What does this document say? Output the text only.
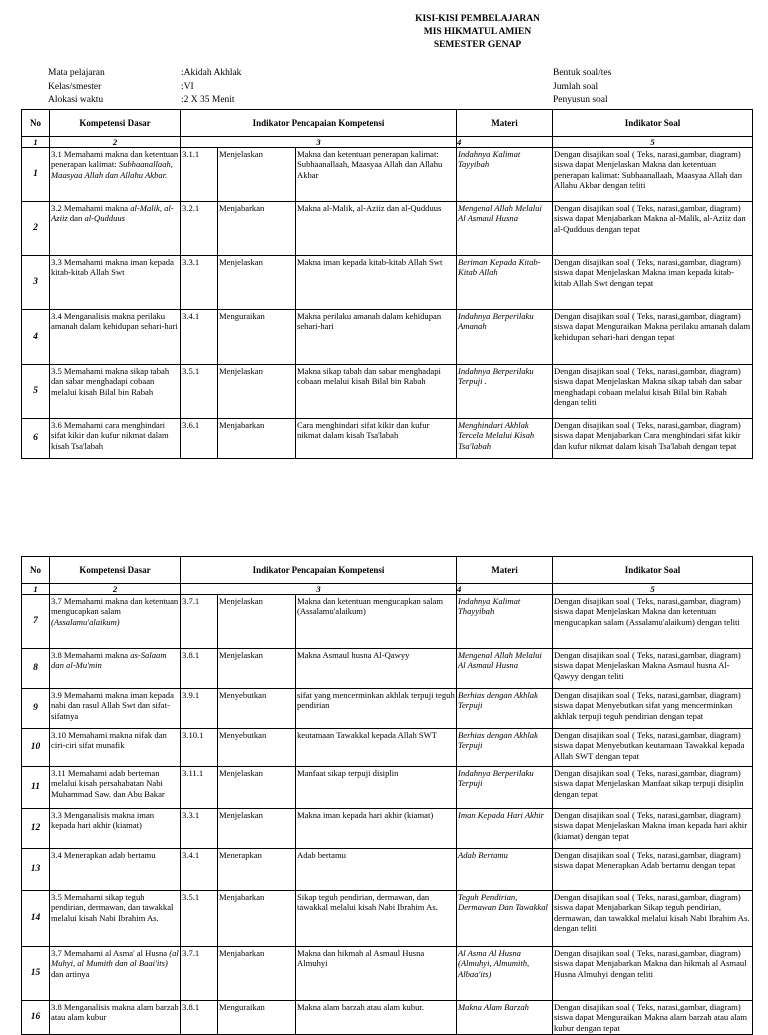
KISI-KISI PEMBELAJARAN
MIS HIKMATUL AMIEN
SEMESTER GENAP
Mata pelajaran
Kelas/smester
Alokasi waktu
:Akidah Akhlak
:VI
:2 X 35 Menit
Bentuk soal/tes
Jumlah soal
Penyusun soal
No	Kompetensi Dasar	Indikator Pencapaian Kompetensi			Materi	Indikator Soal
1	2	3			4	5
1	3.1 Memahami makna dan ketentuan penerapan kalimat: Subhaanallaah, Maasyaa Allah dan Allahu Akbar.	3.1.1	Menjelaskan	Makna dan ketentuan penerapan kalimat: Subhaanallaah, Maasyaa Allah dan Allahu Akbar	Indahnya Kalimat Tayyibah	Dengan disajikan soal ( Teks, narasi,gambar, diagram) siswa dapat Menjelaskan Makna dan ketentuan penerapan kalimat: Subhaanallaah, Maasyaa Allah dan Allahu Akbar dengan teliti
2	3.2 Memahami makna al-Malik, al-Aziiz dan al-Qudduus	3.2.1	Menjabarkan	Makna al-Malik, al-Aziiz dan al-Qudduus	Mengenal Allah Melalui Al Asmaul Husna	Dengan disajikan soal ( Teks, narasi,gambar, diagram) siswa dapat Menjabarkan Makna al-Malik, al-Aziiz dan al-Qudduus dengan tepat
3	3.3 Memahami makna iman kepada kitab-kitab Allah Swt	3.3.1	Menjelaskan	Makna iman kepada kitab-kitab Allah Swt	Beriman Kepada Kitab-Kitab Allah	Dengan disajikan soal ( Teks, narasi,gambar, diagram) siswa dapat Menjelaskan Makna iman kepada kitab-kitab Allah Swt dengan tepat
4	3.4 Menganalisis makna perilaku amanah dalam kehidupan sehari-hari	3.4.1	Menguraikan	Makna perilaku amanah dalam kehidupan sehari-hari	Indahnya Berperilaku Amanah	Dengan disajikan soal ( Teks, narasi,gambar, diagram) siswa dapat Menguraikan Makna perilaku amanah dalam kehidupan sehari-hari dengan tepat
5	3.5 Memahami makna sikap tabah dan sabar menghadapi cobaan melalui kisah Bilal bin Rabah	3.5.1	Menjelaskan	Makna sikap tabah dan sabar menghadapi cobaan melalui kisah Bilal bin Rabah	Indahnya Berperilaku Terpuji .	Dengan disajikan soal ( Teks, narasi,gambar, diagram) siswa dapat Menjelaskan Makna sikap tabah dan sabar menghadapi cobaan melalui kisah Bilal bin Rabah dengan teliti
6	3.6 Memahami cara menghindari sifat kikir dan kufur nikmat dalam kisah Tsa'labah	3.6.1	Menjabarkan	Cara menghindari sifat kikir dan kufur nikmat dalam kisah Tsa'labah	Menghindari Akhlak Tercela Melalui Kisah Tsa'labah	Dengan disajikan soal ( Teks, narasi,gambar, diagram) siswa dapat Menjabarkan Cara menghindari sifat kikir dan kufur nikmat dalam kisah Tsa'labah dengan tepat
No	Kompetensi Dasar	Indikator Pencapaian Kompetensi			Materi	Indikator Soal
1	2	3			4	5
7	3.7 Memahami makna dan ketentuan mengucapkan salam (Assalamu'alaikum)	3.7.1	Menjelaskan	Makna dan ketentuan mengucapkan salam (Assalamu'alaikum)	Indahnya Kalimat Thayyibah	Dengan disajikan soal ( Teks, narasi,gambar, diagram) siswa dapat Menjelaskan Makna dan ketentuan mengucapkan salam (Assalamu'alaikum) dengan teliti
8	3.8 Memahami makna as-Salaam dan al-Mu'min	3.8.1	Menjelaskan	Makna Asmaul husna Al-Qawyy	Mengenal Allah Melalui Al Asmaul Husna	Dengan disajikan soal ( Teks, narasi,gambar, diagram) siswa dapat Menjelaskan Makna Asmaul husna Al-Qawyy dengan teliti
9	3.9 Memahami makna iman kepada nabi dan rasul Allah Swt dan sifat-sifatnya	3.9.1	Menyebutkan	sifat yang mencerminkan akhlak terpuji teguh pendirian	Berhias dengan Akhlak Terpuji	Dengan disajikan soal ( Teks, narasi,gambar, diagram) siswa dapat Menyebutkan sifat yang mencerminkan akhlak terpuji teguh pendirian dengan tepat
10	3.10 Memahami makna nifak dan ciri-ciri sifat munafik	3.10.1	Menyebutkan	keutamaan Tawakkal kepada Allah SWT	Berhias dengan Akhlak Terpuji	Dengan disajikan soal ( Teks, narasi,gambar, diagram) siswa dapat Menyebutkan keutamaan Tawakkal kepada Allah SWT dengan tepat
11	3.11 Memahami adab berteman melalui kisah persahabatan Nabi Muhammad Saw. dan Abu Bakar	3.11.1	Menjelaskan	Manfaat sikap terpuji disiplin	Indahnya Berperilaku Terpuji	Dengan disajikan soal ( Teks, narasi,gambar, diagram) siswa dapat Menjelaskan Manfaat sikap terpuji disiplin dengan tepat
12	3.3 Menganalisis makna iman kepada hari akhir (kiamat)	3.3.1	Menjelaskan	Makna iman kepada hari akhir (kiamat)	Iman Kepada Hari Akhir	Dengan disajikan soal ( Teks, narasi,gambar, diagram) siswa dapat Menjelaskan Makna iman kepada hari akhir (kiamat) dengan tepat
13	3.4 Menerapkan adab bertamu	3.4.1	Menerapkan	Adab bertamu	Adab Bertamu	Dengan disajikan soal ( Teks, narasi,gambar, diagram) siswa dapat Menerapkan Adab bertamu dengan tepat
14	3.5 Memahami sikap teguh pendirian, dermawan, dan tawakkal melalui kisah Nabi Ibrahim As.	3.5.1	Menjabarkan	Sikap teguh pendirian, dermawan, dan tawakkal melalui kisah Nabi Ibrahim As.	Teguh Pendirian, Dermawan Dan Tawakkal	Dengan disajikan soal ( Teks, narasi,gambar, diagram) siswa dapat Menjabarkan Sikap teguh pendirian, dermawan, dan tawakkal melalui kisah Nabi Ibrahim As. dengan teliti
15	3.7 Memahami al Asma' al Husna (al Muhyi, al Mumith dan al Baai'its) dan artinya	3.7.1	Menjabarkan	Makna dan hikmah al Asmaul Husna Almuhyi	Al Asma Al Husna (Almuhyi, Almumith, Albaa'its)	Dengan disajikan soal ( Teks, narasi,gambar, diagram) siswa dapat Menjabarkan Makna dan hikmah al Asmaul Husna Almuhyi dengan teliti
16	3.8 Menganalisis makna alam barzah atau alam kubur	3.8.1	Menguraikan	Makna alam barzah atau alam kubur.	Makna Alam Barzah	Dengan disajikan soal ( Teks, narasi,gambar, diagram) siswa dapat Menguraikan Makna alam barzah atau alam kubur dengan tepat
